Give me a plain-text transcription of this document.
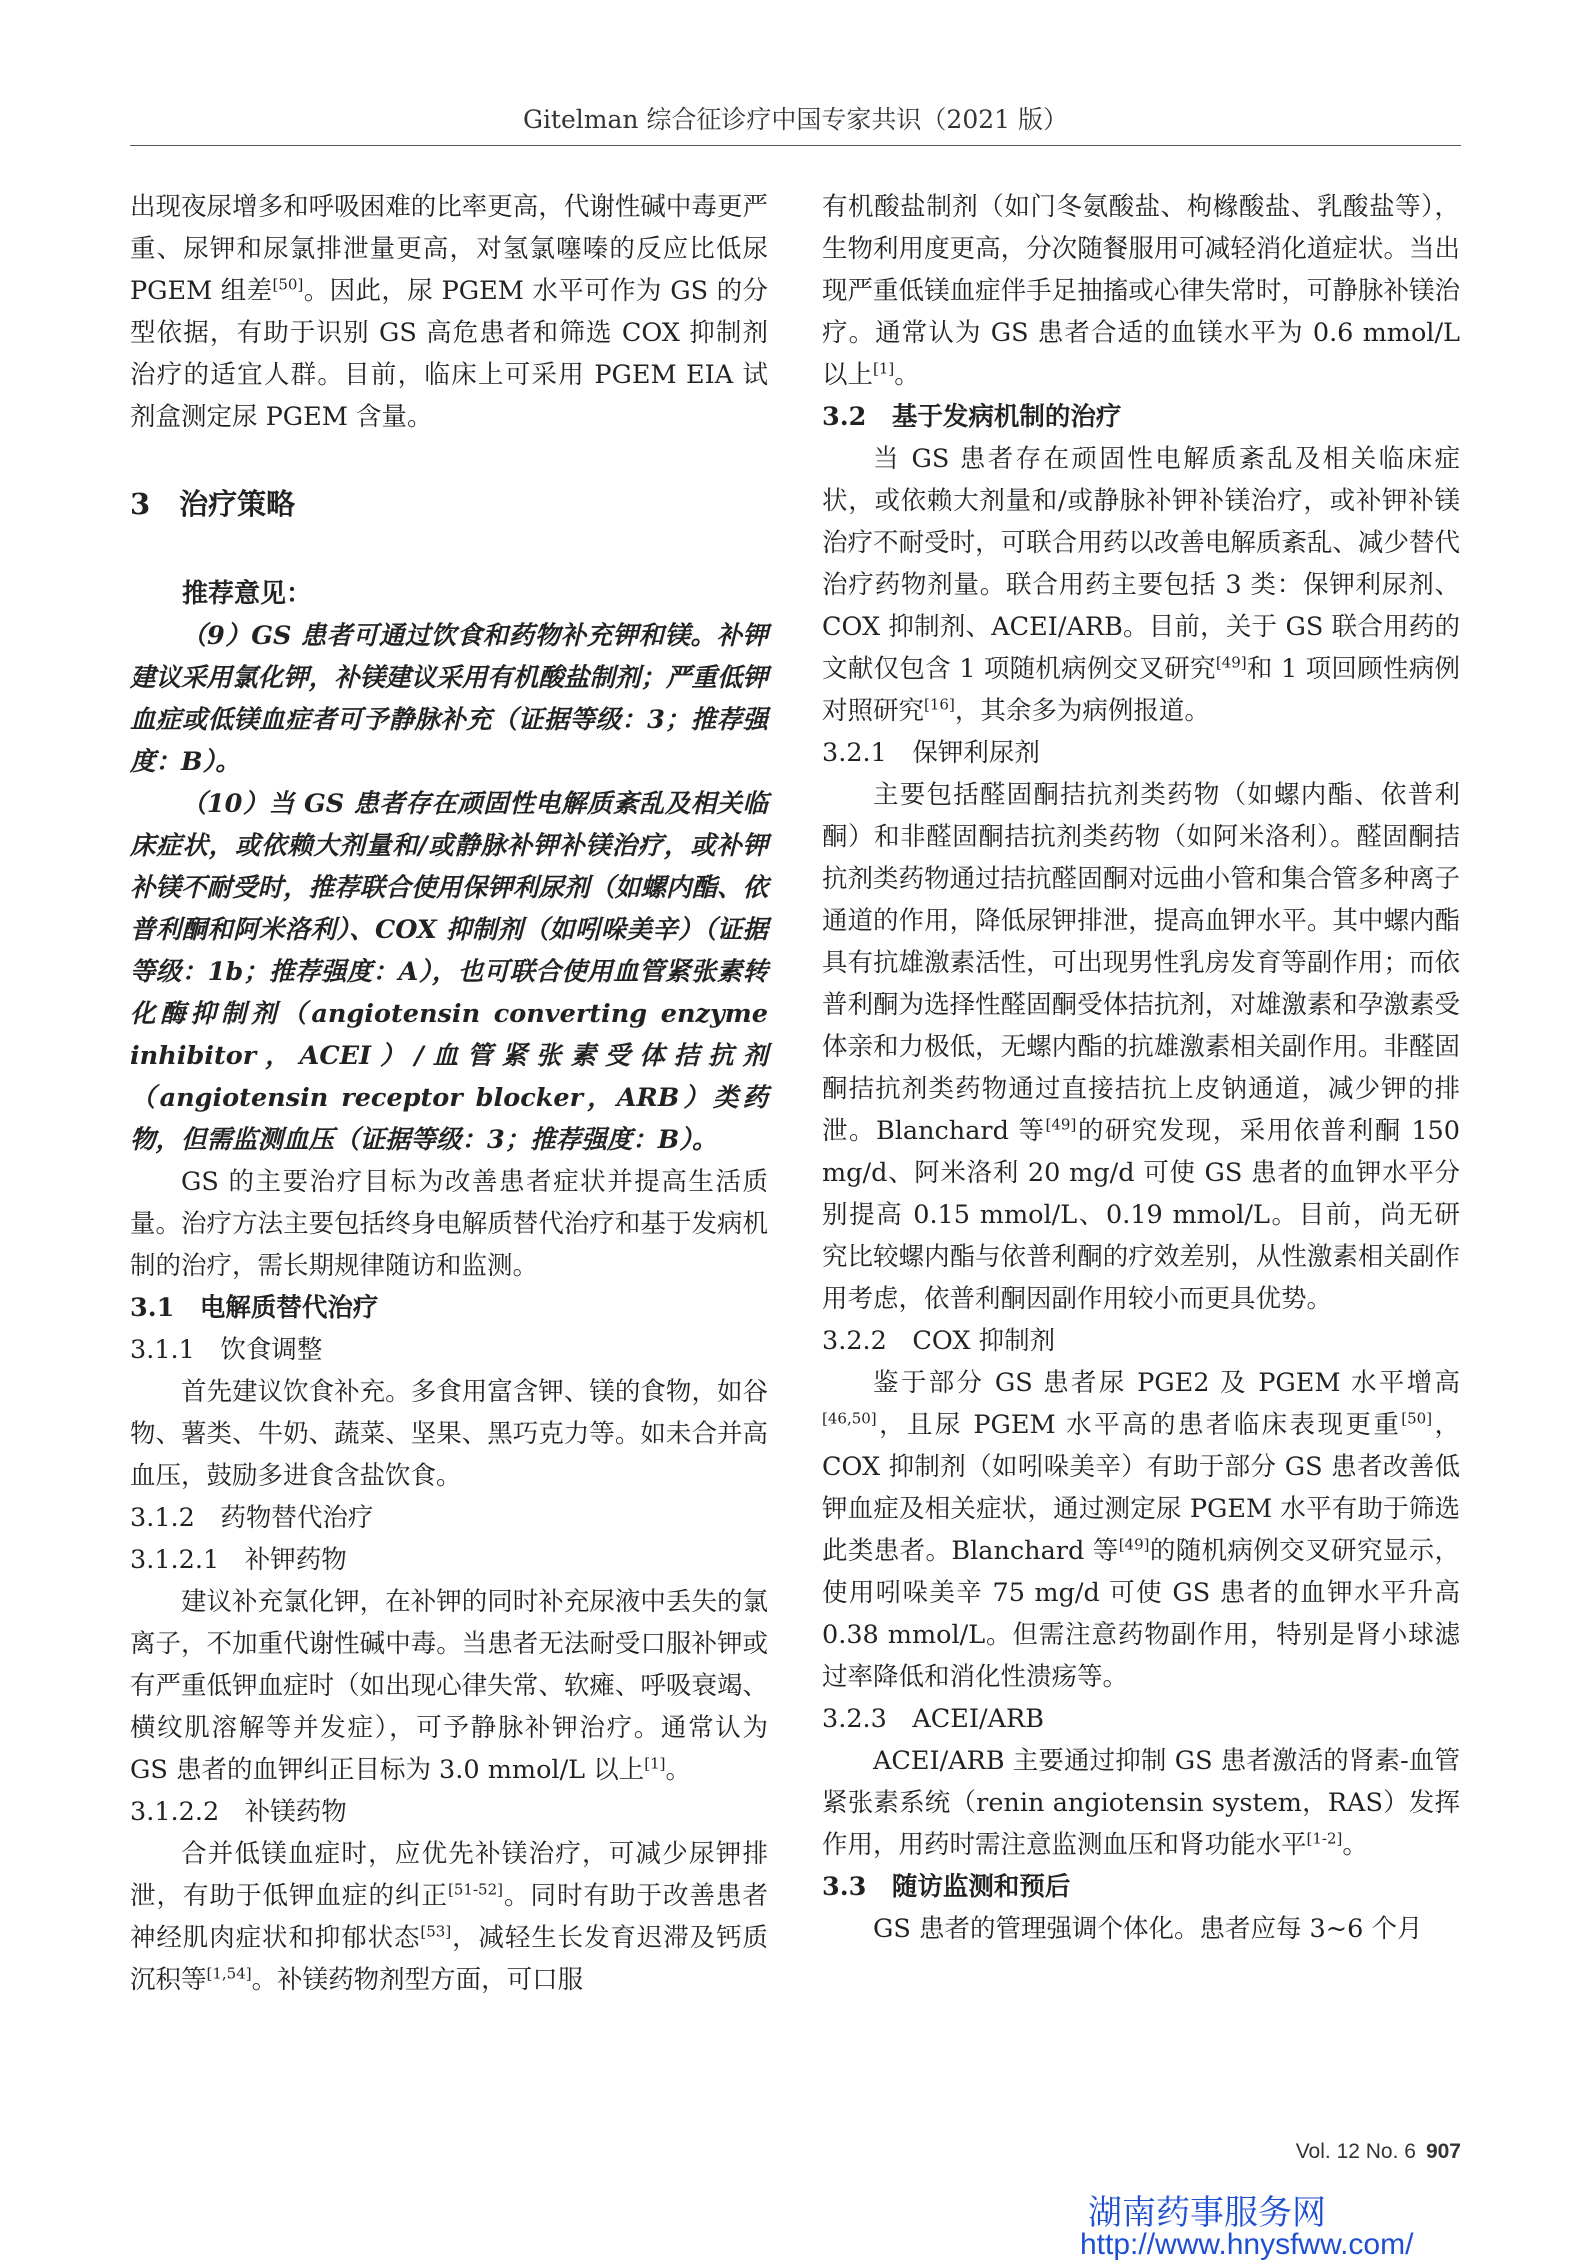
Gitelman 综合征诊疗中国专家共识（2021 版）

出现夜尿增多和呼吸困难的比率更高，代谢性碱中毒更严重、尿钾和尿氯排泄量更高，对氢氯噻嗪的反应比低尿 PGEM 组差[50]。因此，尿 PGEM 水平可作为 GS 的分型依据，有助于识别 GS 高危患者和筛选 COX 抑制剂治疗的适宜人群。目前，临床上可采用 PGEM EIA 试剂盒测定尿 PGEM 含量。

3　治疗策略
推荐意见：

（9）GS 患者可通过饮食和药物补充钾和镁。补钾建议采用氯化钾，补镁建议采用有机酸盐制剂；严重低钾血症或低镁血症者可予静脉补充（证据等级：3；推荐强度：B）。

（10）当 GS 患者存在顽固性电解质紊乱及相关临床症状，或依赖大剂量和/或静脉补钾补镁治疗，或补钾补镁不耐受时，推荐联合使用保钾利尿剂（如螺内酯、依普利酮和阿米洛利）、COX 抑制剂（如吲哚美辛）（证据等级：1b；推荐强度：A），也可联合使用血管紧张素转化酶抑制剂（angiotensin converting enzyme inhibitor，ACEI）/血管紧张素受体拮抗剂（angiotensin receptor blocker，ARB）类药物，但需监测血压（证据等级：3；推荐强度：B）。

GS 的主要治疗目标为改善患者症状并提高生活质量。治疗方法主要包括终身电解质替代治疗和基于发病机制的治疗，需长期规律随访和监测。

3.1　电解质替代治疗
3.1.1　饮食调整

首先建议饮食补充。多食用富含钾、镁的食物，如谷物、薯类、牛奶、蔬菜、坚果、黑巧克力等。如未合并高血压，鼓励多进食含盐饮食。

3.1.2　药物替代治疗
3.1.2.1　补钾药物

建议补充氯化钾，在补钾的同时补充尿液中丢失的氯离子，不加重代谢性碱中毒。当患者无法耐受口服补钾或有严重低钾血症时（如出现心律失常、软瘫、呼吸衰竭、横纹肌溶解等并发症），可予静脉补钾治疗。通常认为 GS 患者的血钾纠正目标为 3.0 mmol/L 以上[1]。

3.1.2.2　补镁药物

合并低镁血症时，应优先补镁治疗，可减少尿钾排泄，有助于低钾血症的纠正[51-52]。同时有助于改善患者神经肌肉症状和抑郁状态[53]，减轻生长发育迟滞及钙质沉积等[1,54]。补镁药物剂型方面，可口服

有机酸盐制剂（如门冬氨酸盐、枸橼酸盐、乳酸盐等），生物利用度更高，分次随餐服用可减轻消化道症状。当出现严重低镁血症伴手足抽搐或心律失常时，可静脉补镁治疗。通常认为 GS 患者合适的血镁水平为 0.6 mmol/L 以上[1]。

3.2　基于发病机制的治疗

当 GS 患者存在顽固性电解质紊乱及相关临床症状，或依赖大剂量和/或静脉补钾补镁治疗，或补钾补镁治疗不耐受时，可联合用药以改善电解质紊乱、减少替代治疗药物剂量。联合用药主要包括 3 类：保钾利尿剂、COX 抑制剂、ACEI/ARB。目前，关于 GS 联合用药的文献仅包含 1 项随机病例交叉研究[49]和 1 项回顾性病例对照研究[16]，其余多为病例报道。

3.2.1　保钾利尿剂

主要包括醛固酮拮抗剂类药物（如螺内酯、依普利酮）和非醛固酮拮抗剂类药物（如阿米洛利）。醛固酮拮抗剂类药物通过拮抗醛固酮对远曲小管和集合管多种离子通道的作用，降低尿钾排泄，提高血钾水平。其中螺内酯具有抗雄激素活性，可出现男性乳房发育等副作用；而依普利酮为选择性醛固酮受体拮抗剂，对雄激素和孕激素受体亲和力极低，无螺内酯的抗雄激素相关副作用。非醛固酮拮抗剂类药物通过直接拮抗上皮钠通道，减少钾的排泄。Blanchard 等[49]的研究发现，采用依普利酮 150 mg/d、阿米洛利 20 mg/d 可使 GS 患者的血钾水平分别提高 0.15 mmol/L、0.19 mmol/L。目前，尚无研究比较螺内酯与依普利酮的疗效差别，从性激素相关副作用考虑，依普利酮因副作用较小而更具优势。

3.2.2　COX 抑制剂

鉴于部分 GS 患者尿 PGE2 及 PGEM 水平增高[46,50]，且尿 PGEM 水平高的患者临床表现更重[50]，COX 抑制剂（如吲哚美辛）有助于部分 GS 患者改善低钾血症及相关症状，通过测定尿 PGEM 水平有助于筛选此类患者。Blanchard 等[49]的随机病例交叉研究显示，使用吲哚美辛 75 mg/d 可使 GS 患者的血钾水平升高 0.38 mmol/L。但需注意药物副作用，特别是肾小球滤过率降低和消化性溃疡等。

3.2.3　ACEI/ARB

ACEI/ARB 主要通过抑制 GS 患者激活的肾素-血管紧张素系统（renin angiotensin system，RAS）发挥作用，用药时需注意监测血压和肾功能水平[1-2]。

3.3　随访监测和预后

GS 患者的管理强调个体化。患者应每 3~6 个月

Vol. 12 No. 6 907
湖南药事服务网
http://www.hnysfww.com/
